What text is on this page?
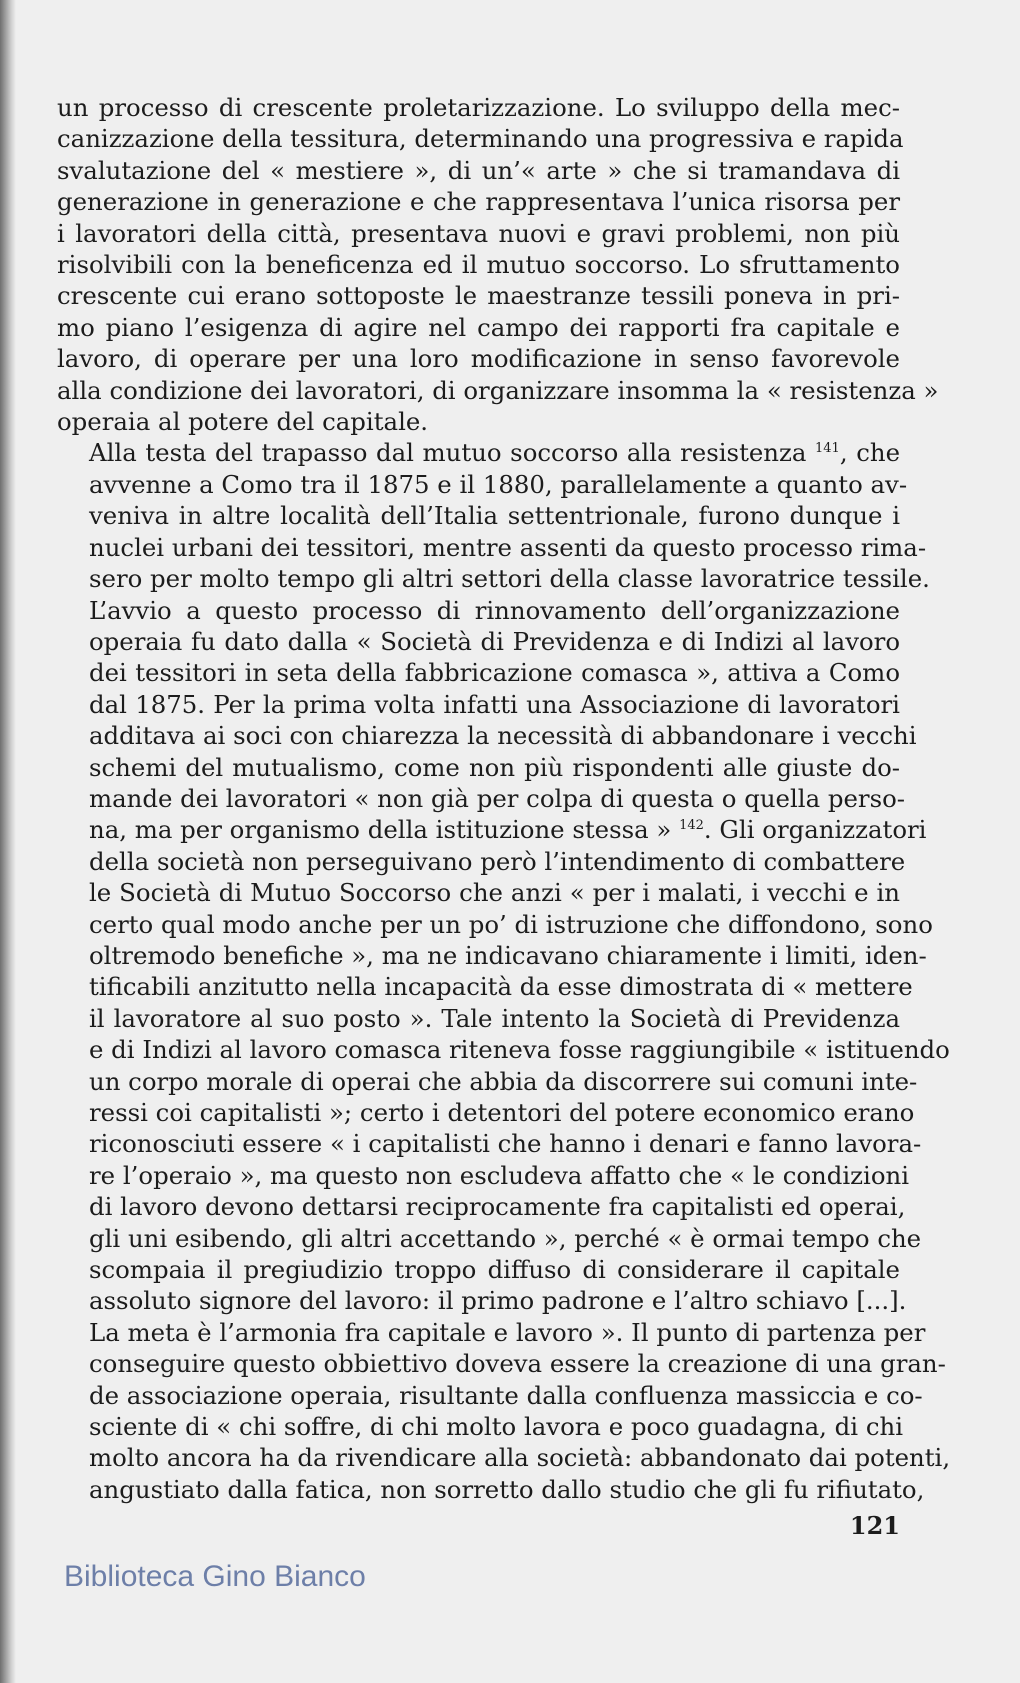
un processo di crescente proletarizzazione. Lo sviluppo della mec-
canizzazione della tessitura, determinando una progressiva e rapida
svalutazione del « mestiere », di un’« arte » che si tramandava di
generazione in generazione e che rappresentava l’unica risorsa per
i lavoratori della città, presentava nuovi e gravi problemi, non più
risolvibili con la beneficenza ed il mutuo soccorso. Lo sfruttamento
crescente cui erano sottoposte le maestranze tessili poneva in pri-
mo piano l’esigenza di agire nel campo dei rapporti fra capitale e
lavoro, di operare per una loro modificazione in senso favorevole
alla condizione dei lavoratori, di organizzare insomma la « resistenza »
operaia al potere del capitale.

Alla testa del trapasso dal mutuo soccorso alla resistenza $^{141}$, che
avvenne a Como tra il 1875 e il 1880, parallelamente a quanto av-
veniva in altre località dell’Italia settentrionale, furono dunque i
nuclei urbani dei tessitori, mentre assenti da questo processo rima-
sero per molto tempo gli altri settori della classe lavoratrice tessile.

L’avvio a questo processo di rinnovamento dell’organizzazione
operaia fu dato dalla « Società di Previdenza e di Indizi al lavoro
dei tessitori in seta della fabbricazione comasca », attiva a Como
dal 1875. Per la prima volta infatti una Associazione di lavoratori
additava ai soci con chiarezza la necessità di abbandonare i vecchi
schemi del mutualismo, come non più rispondenti alle giuste do-
mande dei lavoratori « non già per colpa di questa o quella perso-
na, ma per organismo della istituzione stessa » $^{142}$. Gli organizzatori
della società non perseguivano però l’intendimento di combattere
le Società di Mutuo Soccorso che anzi « per i malati, i vecchi e in
certo qual modo anche per un po’ di istruzione che diffondono, sono
oltremodo benefiche », ma ne indicavano chiaramente i limiti, iden-
tificabili anzitutto nella incapacità da esse dimostrata di « mettere
il lavoratore al suo posto ». Tale intento la Società di Previdenza
e di Indizi al lavoro comasca riteneva fosse raggiungibile « istituendo
un corpo morale di operai che abbia da discorrere sui comuni inte-
ressi coi capitalisti »; certo i detentori del potere economico erano
riconosciuti essere « i capitalisti che hanno i denari e fanno lavora-
re l’operaio », ma questo non escludeva affatto che « le condizioni
di lavoro devono dettarsi reciprocamente fra capitalisti ed operai,
gli uni esibendo, gli altri accettando », perché « è ormai tempo che
scompaia il pregiudizio troppo diffuso di considerare il capitale
assoluto signore del lavoro: il primo padrone e l’altro schiavo [...].
La meta è l’armonia fra capitale e lavoro ». Il punto di partenza per
conseguire questo obbiettivo doveva essere la creazione di una gran-
de associazione operaia, risultante dalla confluenza massiccia e co-
sciente di « chi soffre, di chi molto lavora e poco guadagna, di chi
molto ancora ha da rivendicare alla società: abbandonato dai potenti,
angustiato dalla fatica, non sorretto dallo studio che gli fu rifiutato,

121
Biblioteca Gino Bianco
